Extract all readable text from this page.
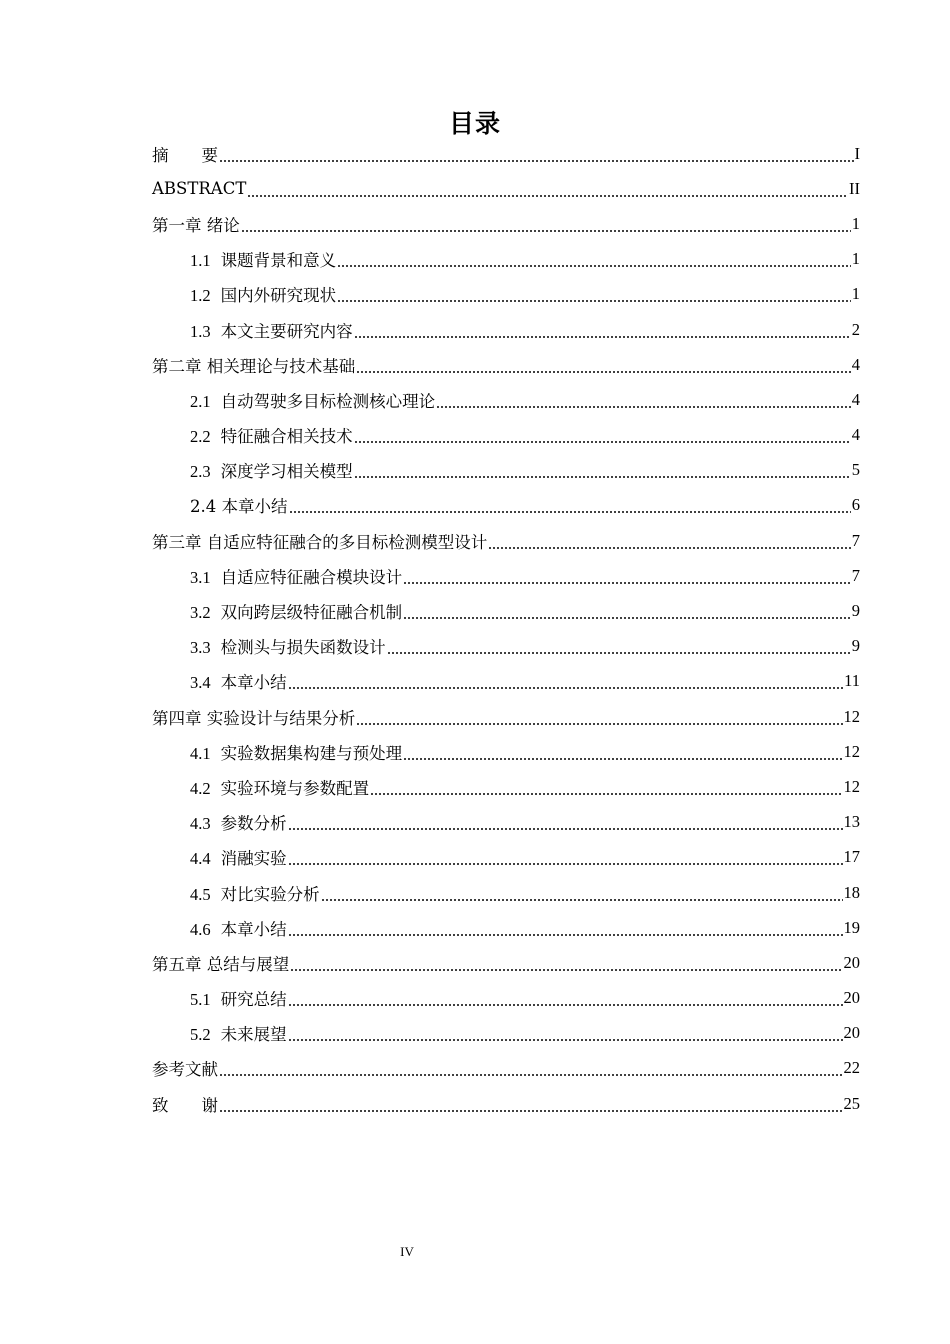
目录
摘　　要	I
ABSTRACT	II
第一章 绪论	1
1.1 课题背景和意义	1
1.2 国内外研究现状	1
1.3 本文主要研究内容	2
第二章 相关理论与技术基础	4
2.1 自动驾驶多目标检测核心理论	4
2.2 特征融合相关技术	4
2.3 深度学习相关模型	5
2.4 本章小结	6
第三章 自适应特征融合的多目标检测模型设计	7
3.1 自适应特征融合模块设计	7
3.2 双向跨层级特征融合机制	9
3.3 检测头与损失函数设计	9
3.4 本章小结	11
第四章 实验设计与结果分析	12
4.1 实验数据集构建与预处理	12
4.2 实验环境与参数配置	12
4.3 参数分析	13
4.4 消融实验	17
4.5 对比实验分析	18
4.6 本章小结	19
第五章 总结与展望	20
5.1 研究总结	20
5.2 未来展望	20
参考文献	22
致　　谢	25
IV
